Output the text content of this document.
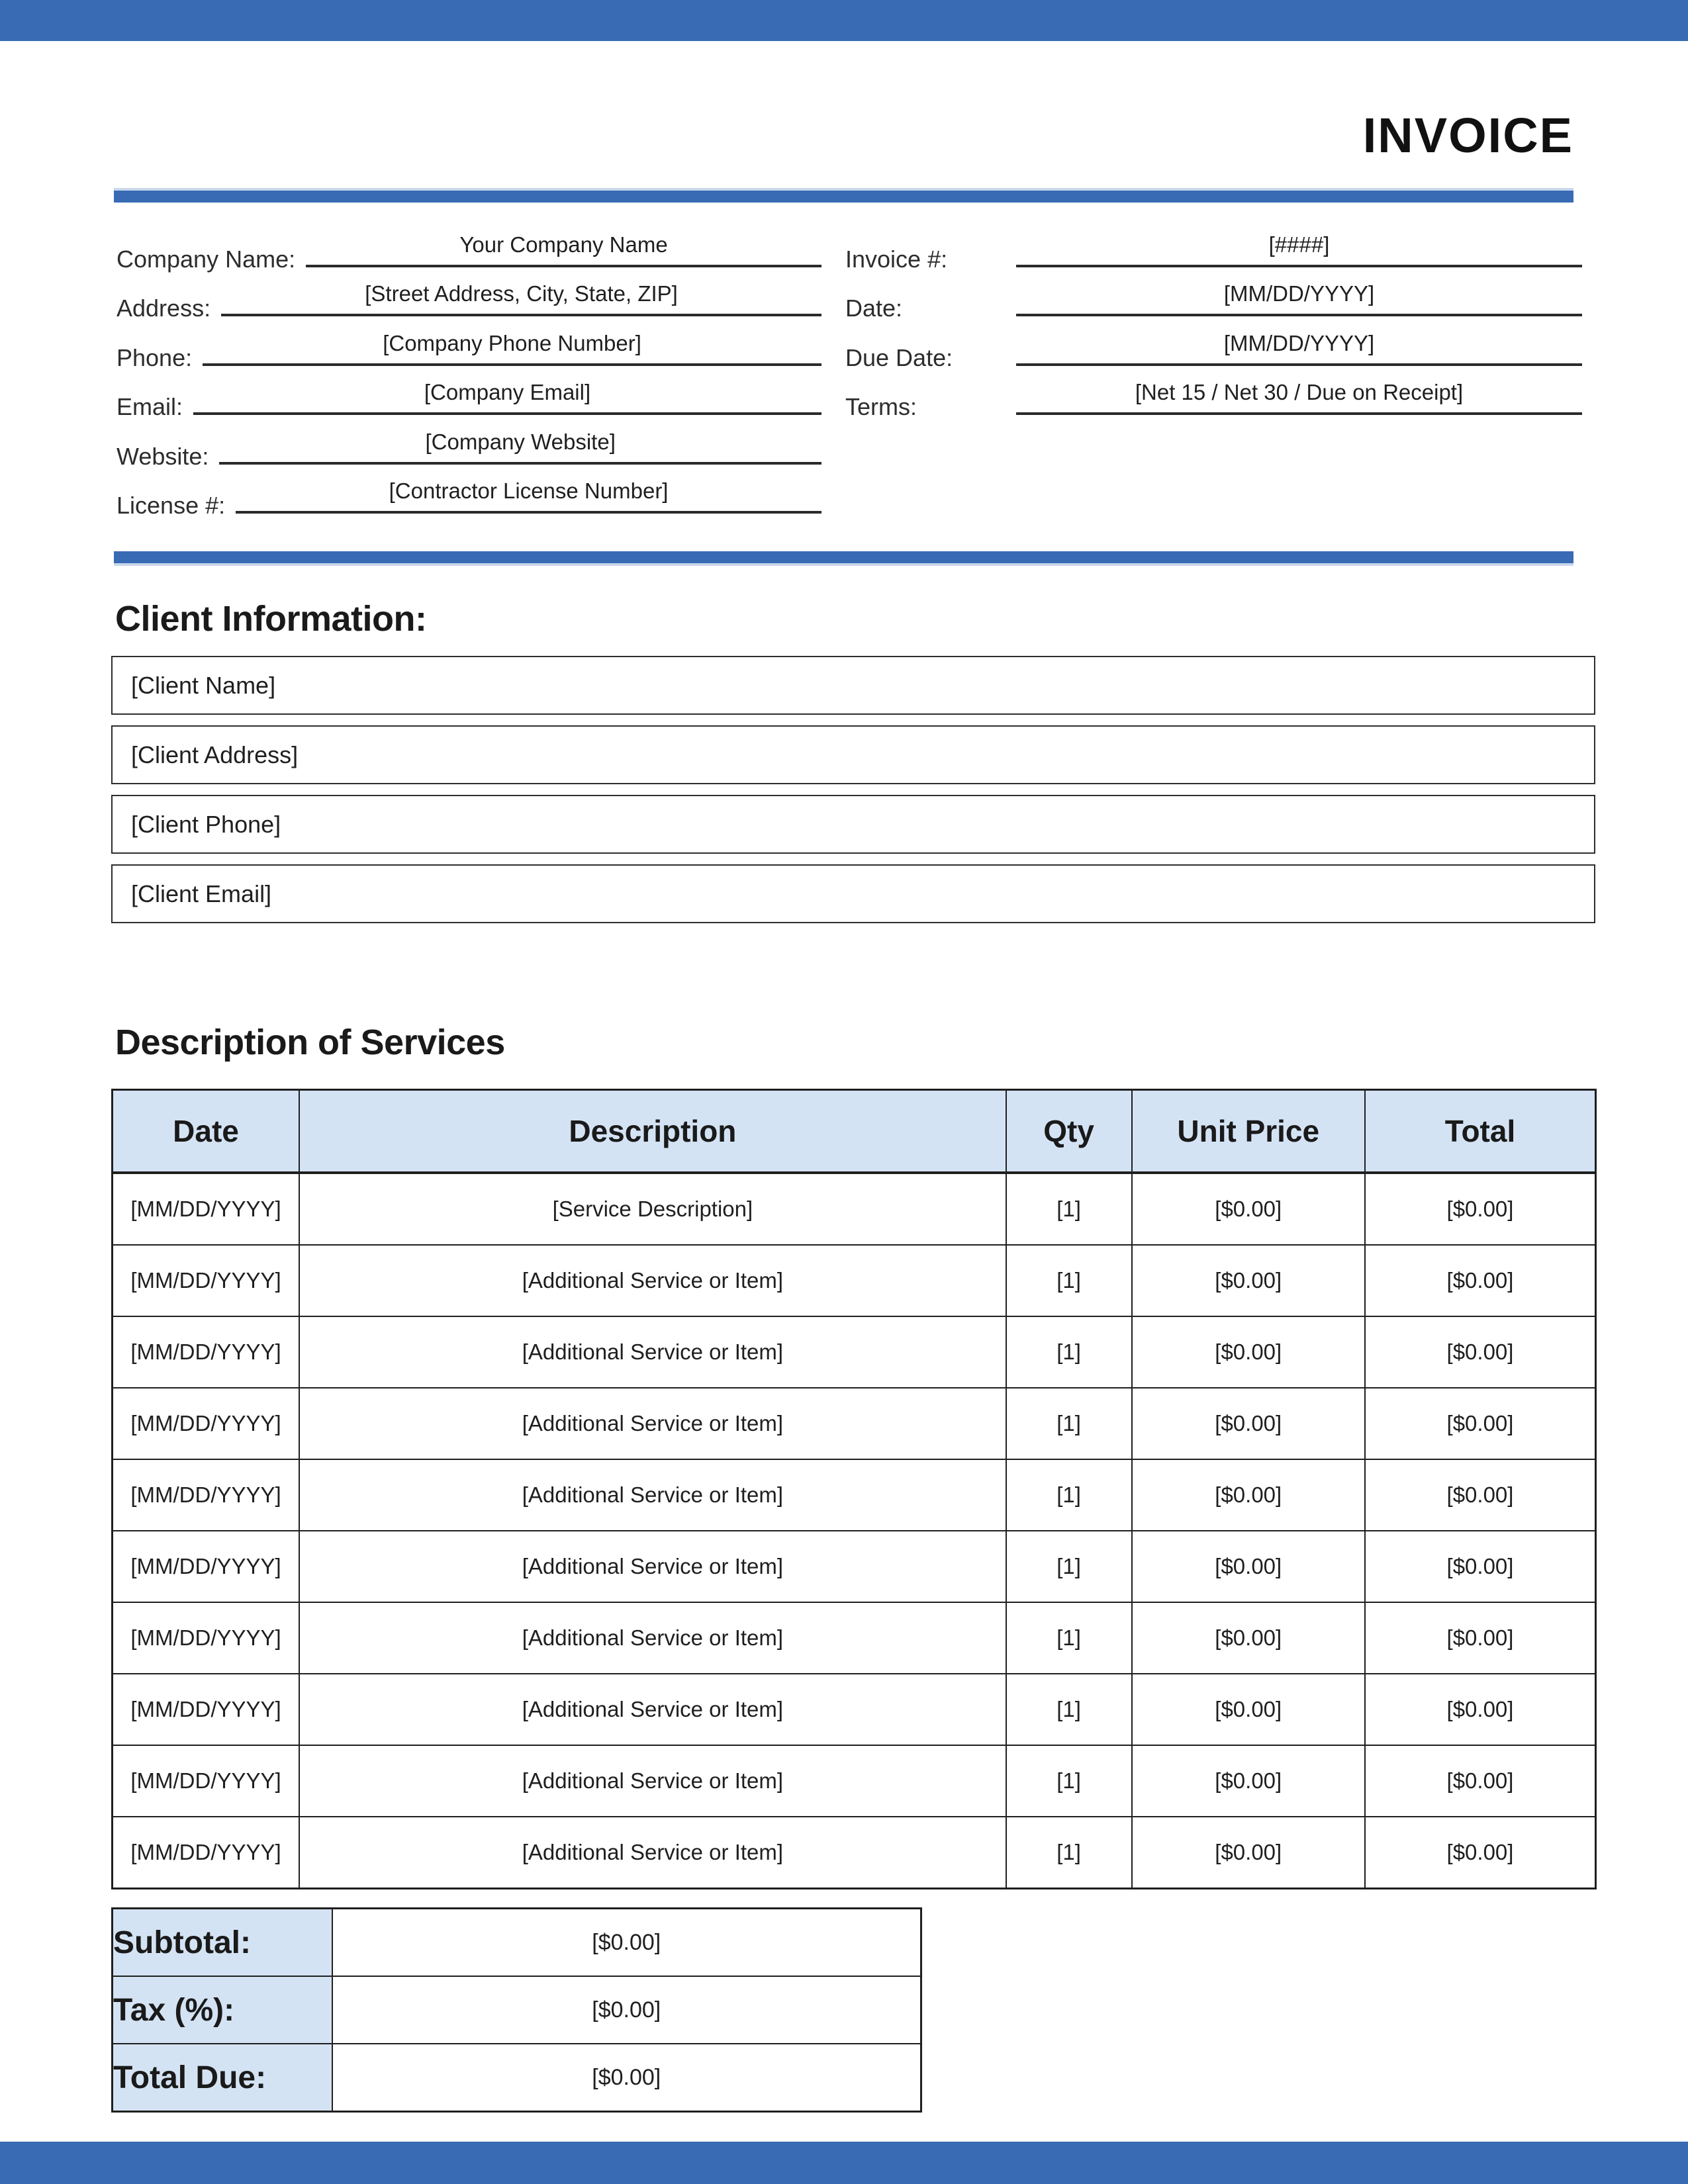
INVOICE
Company Name:
Your Company Name
Address:
[Street Address, City, State, ZIP]
Phone:
[Company Phone Number]
Email:
[Company Email]
Website:
[Company Website]
License #:
[Contractor License Number]
Invoice #:
[####]
Date:
[MM/DD/YYYY]
Due Date:
[MM/DD/YYYY]
Terms:
[Net 15 / Net 30 / Due on Receipt]
Client Information:
[Client Name]
[Client Address]
[Client Phone]
[Client Email]
Description of Services
Date	Description	Qty	Unit Price	Total
[MM/DD/YYYY]	[Service Description]	[1]	[$0.00]	[$0.00]
[MM/DD/YYYY]	[Additional Service or Item]	[1]	[$0.00]	[$0.00]
[MM/DD/YYYY]	[Additional Service or Item]	[1]	[$0.00]	[$0.00]
[MM/DD/YYYY]	[Additional Service or Item]	[1]	[$0.00]	[$0.00]
[MM/DD/YYYY]	[Additional Service or Item]	[1]	[$0.00]	[$0.00]
[MM/DD/YYYY]	[Additional Service or Item]	[1]	[$0.00]	[$0.00]
[MM/DD/YYYY]	[Additional Service or Item]	[1]	[$0.00]	[$0.00]
[MM/DD/YYYY]	[Additional Service or Item]	[1]	[$0.00]	[$0.00]
[MM/DD/YYYY]	[Additional Service or Item]	[1]	[$0.00]	[$0.00]
[MM/DD/YYYY]	[Additional Service or Item]	[1]	[$0.00]	[$0.00]
Subtotal:	[$0.00]
Tax (%):	[$0.00]
Total Due:	[$0.00]
